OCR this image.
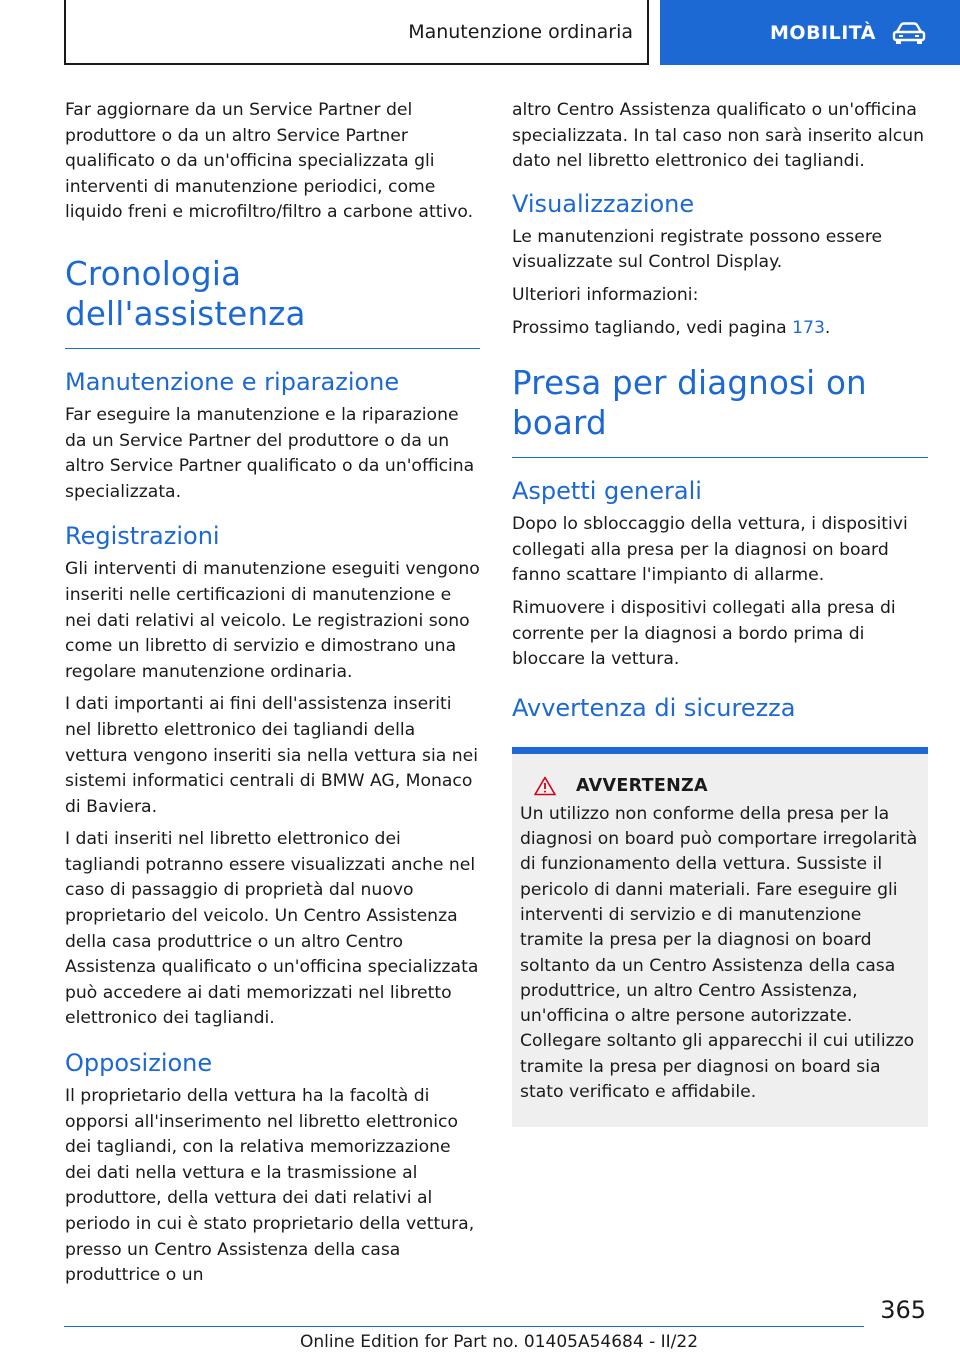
Manutenzione ordinaria	MOBILITÀ

Far aggiornare da un Service Partner del produttore o da un altro Service Partner qualificato o da un'officina specializzata gli interventi di manutenzione periodici, come liquido freni e microfiltro/filtro a carbone attivo.

Cronologia dell'assistenza
Manutenzione e riparazione

Far eseguire la manutenzione e la riparazione da un Service Partner del produttore o da un altro Service Partner qualificato o da un'officina specializzata.

Registrazioni

Gli interventi di manutenzione eseguiti vengono inseriti nelle certificazioni di manutenzione e nei dati relativi al veicolo. Le registrazioni sono come un libretto di servizio e dimostrano una regolare manutenzione ordinaria.

I dati importanti ai fini dell'assistenza inseriti nel libretto elettronico dei tagliandi della vettura vengono inseriti sia nella vettura sia nei sistemi informatici centrali di BMW AG, Monaco di Baviera.

I dati inseriti nel libretto elettronico dei tagliandi potranno essere visualizzati anche nel caso di passaggio di proprietà dal nuovo proprietario del veicolo. Un Centro Assistenza della casa produttrice o un altro Centro Assistenza qualificato o un'officina specializzata può accedere ai dati memorizzati nel libretto elettronico dei tagliandi.

Opposizione

Il proprietario della vettura ha la facoltà di opporsi all'inserimento nel libretto elettronico dei tagliandi, con la relativa memorizzazione dei dati nella vettura e la trasmissione al produttore, della vettura dei dati relativi al periodo in cui è stato proprietario della vettura, presso un Centro Assistenza della casa produttrice o un

altro Centro Assistenza qualificato o un'officina specializzata. In tal caso non sarà inserito alcun dato nel libretto elettronico dei tagliandi.

Visualizzazione

Le manutenzioni registrate possono essere visualizzate sul Control Display.

Ulteriori informazioni:

Prossimo tagliando, vedi pagina 173.

Presa per diagnosi on board
Aspetti generali

Dopo lo sbloccaggio della vettura, i dispositivi collegati alla presa per la diagnosi on board fanno scattare l'impianto di allarme.

Rimuovere i dispositivi collegati alla presa di corrente per la diagnosi a bordo prima di bloccare la vettura.

Avvertenza di sicurezza
AVVERTENZA

Un utilizzo non conforme della presa per la diagnosi on board può comportare irregolarità di funzionamento della vettura. Sussiste il pericolo di danni materiali. Fare eseguire gli interventi di servizio e di manutenzione tramite la presa per la diagnosi on board soltanto da un Centro Assistenza della casa produttrice, un altro Centro Assistenza, un'officina o altre persone autorizzate. Collegare soltanto gli apparecchi il cui utilizzo tramite la presa per diagnosi on board sia stato verificato e affidabile.

365
Online Edition for Part no. 01405A54684 - II/22
